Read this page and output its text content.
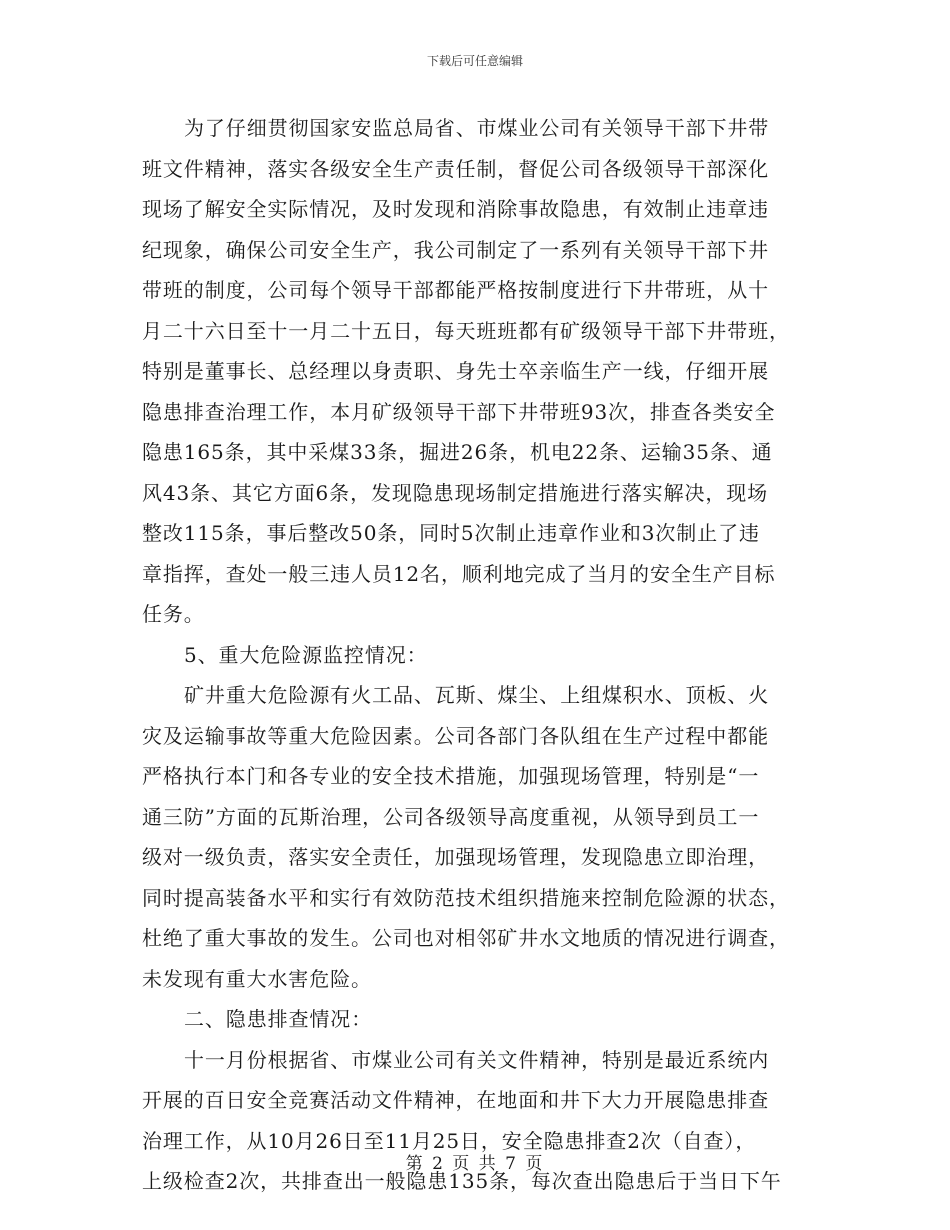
下载后可任意编辑
为了仔细贯彻国家安监总局省、市煤业公司有关领导干部下井带
班文件精神，落实各级安全生产责任制，督促公司各级领导干部深化
现场了解安全实际情况，及时发现和消除事故隐患，有效制止违章违
纪现象，确保公司安全生产，我公司制定了一系列有关领导干部下井
带班的制度，公司每个领导干部都能严格按制度进行下井带班，从十
月二十六日至十一月二十五日，每天班班都有矿级领导干部下井带班，
特别是董事长、总经理以身责职、身先士卒亲临生产一线，仔细开展
隐患排查治理工作，本月矿级领导干部下井带班93次，排查各类安全
隐患165条，其中采煤33条，掘进26条，机电22条、运输35条、通
风43条、其它方面6条，发现隐患现场制定措施进行落实解决，现场
整改115条，事后整改50条，同时5次制止违章作业和3次制止了违
章指挥，查处一般三违人员12名，顺利地完成了当月的安全生产目标
任务。
5、重大危险源监控情况：
矿井重大危险源有火工品、瓦斯、煤尘、上组煤积水、顶板、火
灾及运输事故等重大危险因素。公司各部门各队组在生产过程中都能
严格执行本门和各专业的安全技术措施，加强现场管理，特别是“一
通三防”方面的瓦斯治理，公司各级领导高度重视，从领导到员工一
级对一级负责，落实安全责任，加强现场管理，发现隐患立即治理，
同时提高装备水平和实行有效防范技术组织措施来控制危险源的状态，
杜绝了重大事故的发生。公司也对相邻矿井水文地质的情况进行调查，
未发现有重大水害危险。
二、隐患排查情况：
十一月份根据省、市煤业公司有关文件精神，特别是最近系统内
开展的百日安全竞赛活动文件精神，在地面和井下大力开展隐患排查
治理工作，从10月26日至11月25日，安全隐患排查2次（自查），
上级检查2次，共排查出一般隐患135条，每次查出隐患后于当日下午
第 2 页 共 7 页
